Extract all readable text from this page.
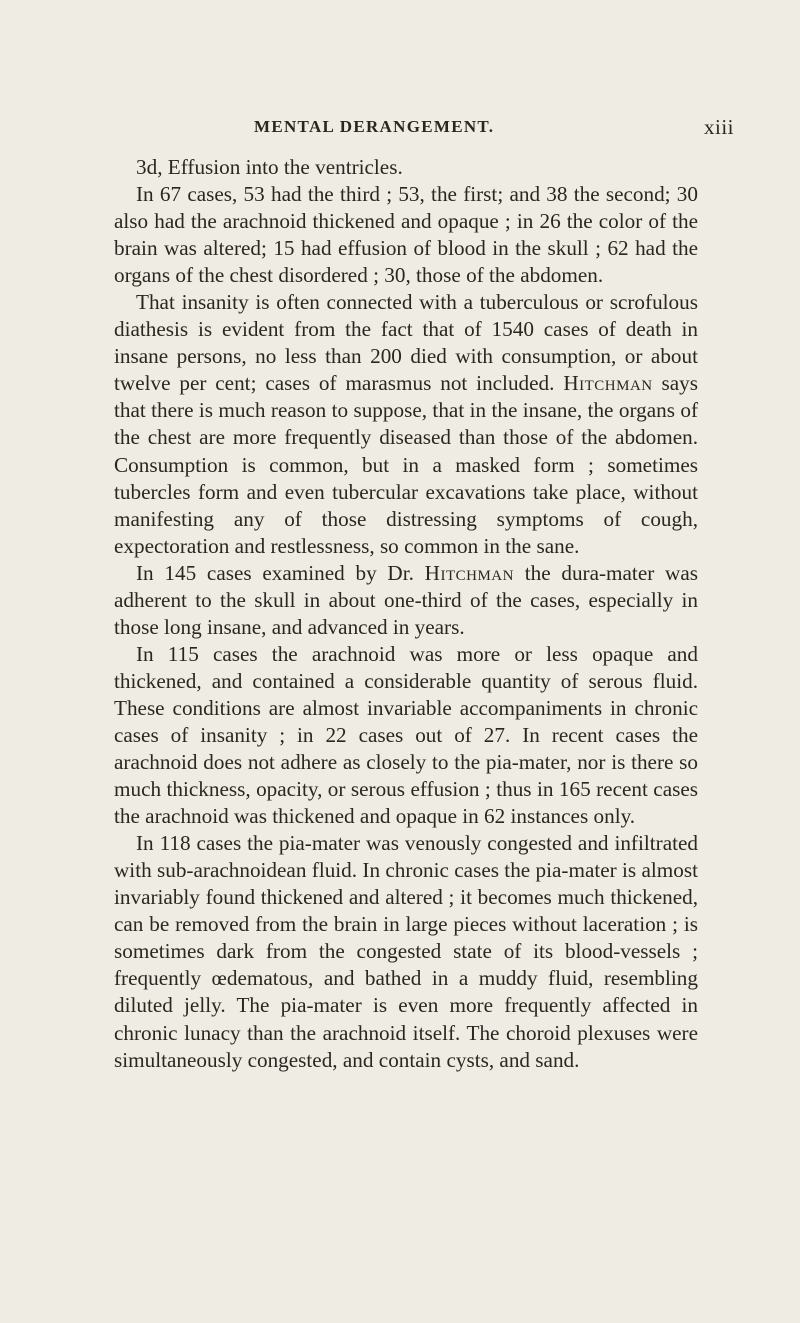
MENTAL DERANGEMENT.	xiii

3d, Effusion into the ventricles.

In 67 cases, 53 had the third ; 53, the first; and 38 the second; 30 also had the arachnoid thickened and opaque ; in 26 the color of the brain was altered; 15 had effusion of blood in the skull ; 62 had the organs of the chest disordered ; 30, those of the abdomen.

That insanity is often connected with a tuberculous or scrofulous diathesis is evident from the fact that of 1540 cases of death in insane persons, no less than 200 died with consumption, or about twelve per cent; cases of marasmus not included. Hitchman says that there is much reason to suppose, that in the insane, the organs of the chest are more frequently diseased than those of the abdomen. Consumption is common, but in a masked form ; sometimes tubercles form and even tubercular excavations take place, without manifesting any of those distressing symptoms of cough, expectoration and restlessness, so common in the sane.

In 145 cases examined by Dr. Hitchman the dura-mater was adherent to the skull in about one-third of the cases, especially in those long insane, and advanced in years.

In 115 cases the arachnoid was more or less opaque and thickened, and contained a considerable quantity of serous fluid. These conditions are almost invariable accompaniments in chronic cases of insanity ; in 22 cases out of 27. In recent cases the arachnoid does not adhere as closely to the pia-mater, nor is there so much thickness, opacity, or serous effusion ; thus in 165 recent cases the arachnoid was thickened and opaque in 62 instances only.

In 118 cases the pia-mater was venously congested and infiltrated with sub-arachnoidean fluid. In chronic cases the pia-mater is almost invariably found thickened and altered ; it becomes much thickened, can be removed from the brain in large pieces without laceration ; is sometimes dark from the congested state of its blood-vessels ; frequently œdematous, and bathed in a muddy fluid, resembling diluted jelly. The pia-mater is even more frequently affected in chronic lunacy than the arachnoid itself. The choroid plexuses were simultaneously congested, and contain cysts, and sand.
